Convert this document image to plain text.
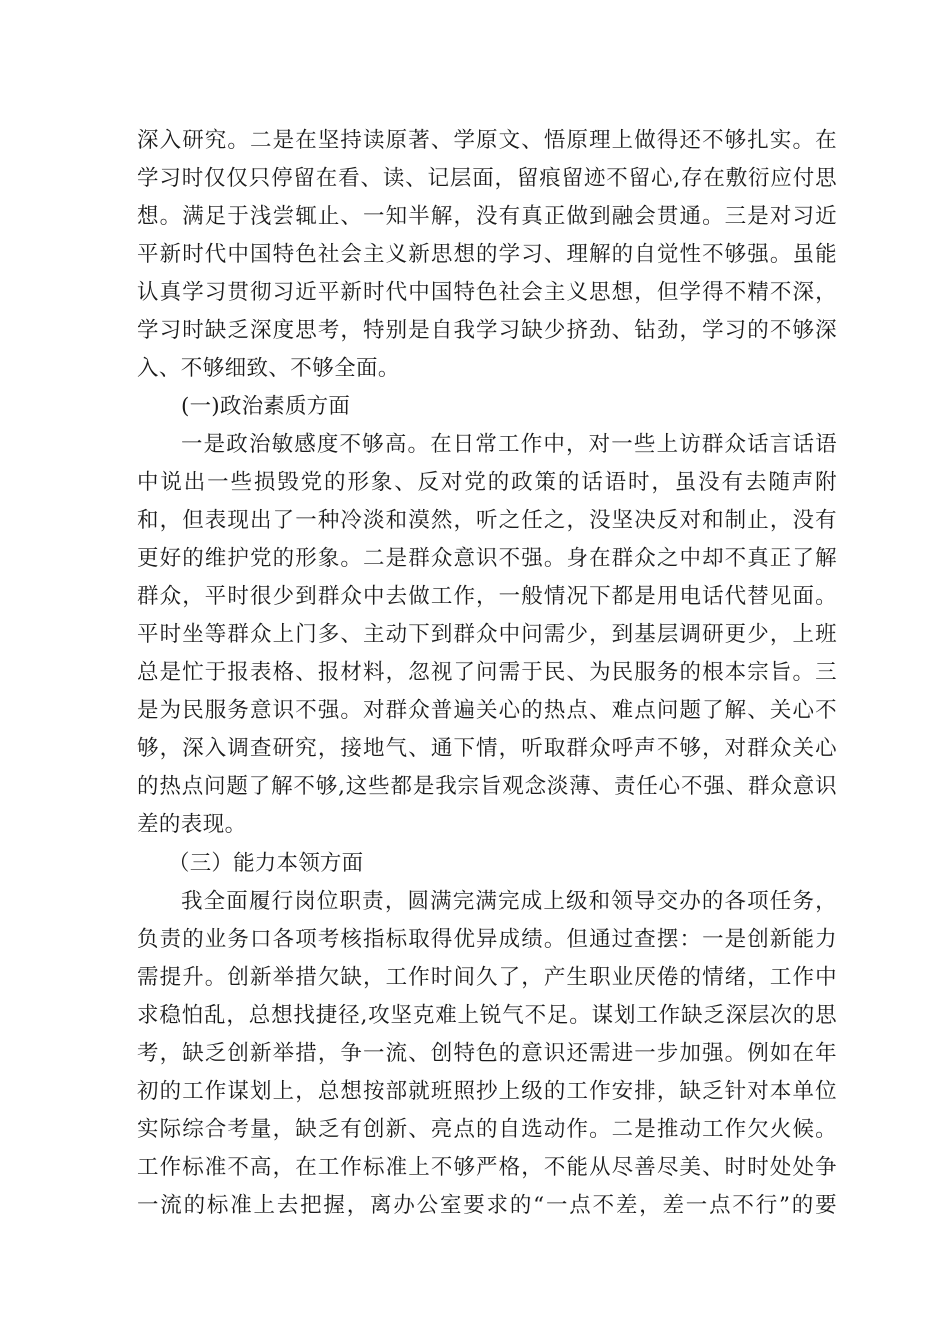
深入研究。二是在坚持读原著、学原文、悟原理上做得还不够扎实。在
学习时仅仅只停留在看、读、记层面，留痕留迹不留心,存在敷衍应付思
想。满足于浅尝辄止、一知半解，没有真正做到融会贯通。三是对习近
平新时代中国特色社会主义新思想的学习、理解的自觉性不够强。虽能
认真学习贯彻习近平新时代中国特色社会主义思想，但学得不精不深，
学习时缺乏深度思考，特别是自我学习缺少挤劲、钻劲，学习的不够深
入、不够细致、不够全面。
(一)政治素质方面
一是政治敏感度不够高。在日常工作中，对一些上访群众话言话语
中说出一些损毁党的形象、反对党的政策的话语时，虽没有去随声附
和，但表现出了一种冷淡和漠然，听之任之，没坚决反对和制止，没有
更好的维护党的形象。二是群众意识不强。身在群众之中却不真正了解
群众，平时很少到群众中去做工作，一般情况下都是用电话代替见面。
平时坐等群众上门多、主动下到群众中问需少，到基层调研更少，上班
总是忙于报表格、报材料，忽视了问需于民、为民服务的根本宗旨。三
是为民服务意识不强。对群众普遍关心的热点、难点问题了解、关心不
够，深入调查研究，接地气、通下情，听取群众呼声不够，对群众关心
的热点问题了解不够,这些都是我宗旨观念淡薄、责任心不强、群众意识
差的表现。
（三）能力本领方面
我全面履行岗位职责，圆满完满完成上级和领导交办的各项任务，
负责的业务口各项考核指标取得优异成绩。但通过查摆：一是创新能力
需提升。创新举措欠缺，工作时间久了，产生职业厌倦的情绪，工作中
求稳怕乱，总想找捷径,攻坚克难上锐气不足。谋划工作缺乏深层次的思
考，缺乏创新举措，争一流、创特色的意识还需进一步加强。例如在年
初的工作谋划上，总想按部就班照抄上级的工作安排，缺乏针对本单位
实际综合考量，缺乏有创新、亮点的自选动作。二是推动工作欠火候。
工作标准不高，在工作标准上不够严格，不能从尽善尽美、时时处处争
一流的标准上去把握，离办公室要求的“一点不差，差一点不行”的要
